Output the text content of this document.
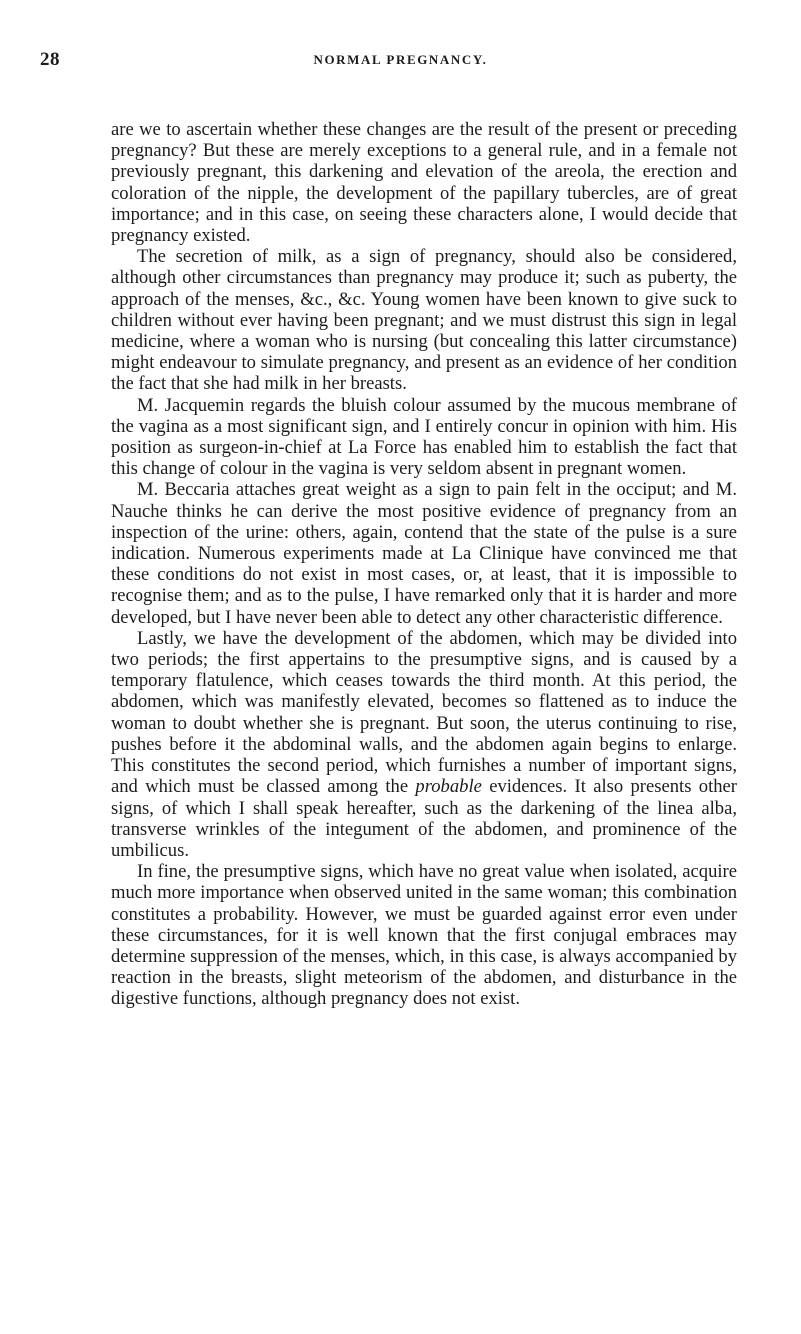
28	NORMAL PREGNANCY.

are we to ascertain whether these changes are the result of the present or preceding pregnancy? But these are merely exceptions to a general rule, and in a female not previously pregnant, this darkening and elevation of the areola, the erection and coloration of the nipple, the development of the papillary tubercles, are of great importance; and in this case, on seeing these characters alone, I would decide that pregnancy existed.

The secretion of milk, as a sign of pregnancy, should also be considered, although other circumstances than pregnancy may produce it; such as puberty, the approach of the menses, &c., &c. Young women have been known to give suck to children without ever having been pregnant; and we must distrust this sign in legal medicine, where a woman who is nursing (but concealing this latter circumstance) might endeavour to simulate pregnancy, and present as an evidence of her condition the fact that she had milk in her breasts.

M. Jacquemin regards the bluish colour assumed by the mucous membrane of the vagina as a most significant sign, and I entirely concur in opinion with him. His position as surgeon-in-chief at La Force has enabled him to establish the fact that this change of colour in the vagina is very seldom absent in pregnant women.

M. Beccaria attaches great weight as a sign to pain felt in the occiput; and M. Nauche thinks he can derive the most positive evidence of pregnancy from an inspection of the urine: others, again, contend that the state of the pulse is a sure indication. Numerous experiments made at La Clinique have convinced me that these conditions do not exist in most cases, or, at least, that it is impossible to recognise them; and as to the pulse, I have remarked only that it is harder and more developed, but I have never been able to detect any other characteristic difference.

Lastly, we have the development of the abdomen, which may be divided into two periods; the first appertains to the presumptive signs, and is caused by a temporary flatulence, which ceases towards the third month. At this period, the abdomen, which was manifestly elevated, becomes so flattened as to induce the woman to doubt whether she is pregnant. But soon, the uterus continuing to rise, pushes before it the abdominal walls, and the abdomen again begins to enlarge. This constitutes the second period, which furnishes a number of important signs, and which must be classed among the probable evidences. It also presents other signs, of which I shall speak hereafter, such as the darkening of the linea alba, transverse wrinkles of the integument of the abdomen, and prominence of the umbilicus.

In fine, the presumptive signs, which have no great value when isolated, acquire much more importance when observed united in the same woman; this combination constitutes a probability. However, we must be guarded against error even under these circumstances, for it is well known that the first conjugal embraces may determine suppression of the menses, which, in this case, is always accompanied by reaction in the breasts, slight meteorism of the abdomen, and disturbance in the digestive functions, although pregnancy does not exist.
